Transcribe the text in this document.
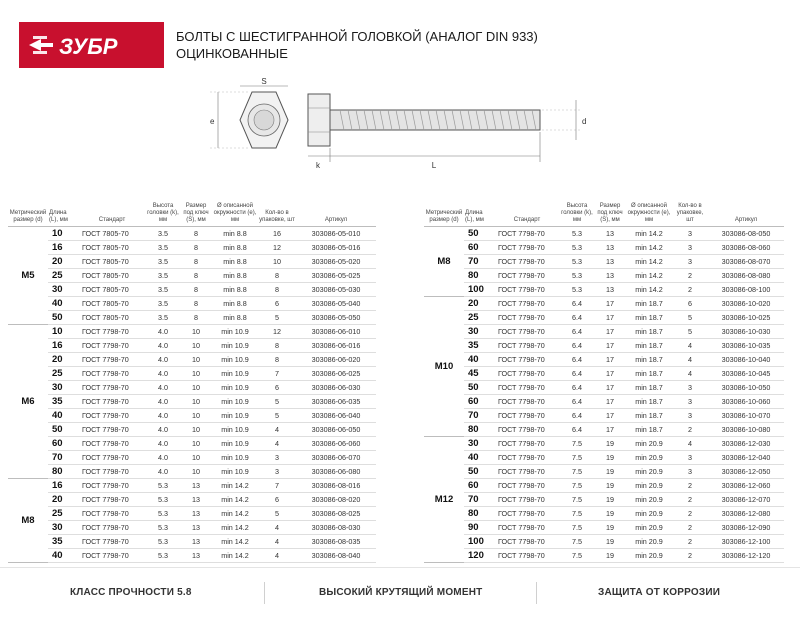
ЗУБР	БОЛТЫ С ШЕСТИГРАННОЙ ГОЛОВКОЙ (АНАЛОГ DIN 933)
ОЦИНКОВАННЫЕ
S
e	d
k	L
Метрический размер (d)	Длина (L), мм	Стандарт	Высота головки (k), мм	Размер под ключ (S), мм	Ø описанной окружности (e), мм	Кол-во в упаковке, шт	Артикул
M5	10	ГОСТ 7805-70	3.5	8	min 8.8	16	303086-05-010
	16	ГОСТ 7805-70	3.5	8	min 8.8	12	303086-05-016
	20	ГОСТ 7805-70	3.5	8	min 8.8	10	303086-05-020
	25	ГОСТ 7805-70	3.5	8	min 8.8	8	303086-05-025
	30	ГОСТ 7805-70	3.5	8	min 8.8	8	303086-05-030
	40	ГОСТ 7805-70	3.5	8	min 8.8	6	303086-05-040
	50	ГОСТ 7805-70	3.5	8	min 8.8	5	303086-05-050
M6	10	ГОСТ 7798-70	4.0	10	min 10.9	12	303086-06-010
	16	ГОСТ 7798-70	4.0	10	min 10.9	8	303086-06-016
	20	ГОСТ 7798-70	4.0	10	min 10.9	8	303086-06-020
	25	ГОСТ 7798-70	4.0	10	min 10.9	7	303086-06-025
	30	ГОСТ 7798-70	4.0	10	min 10.9	6	303086-06-030
	35	ГОСТ 7798-70	4.0	10	min 10.9	5	303086-06-035
	40	ГОСТ 7798-70	4.0	10	min 10.9	5	303086-06-040
	50	ГОСТ 7798-70	4.0	10	min 10.9	4	303086-06-050
	60	ГОСТ 7798-70	4.0	10	min 10.9	4	303086-06-060
	70	ГОСТ 7798-70	4.0	10	min 10.9	3	303086-06-070
	80	ГОСТ 7798-70	4.0	10	min 10.9	3	303086-06-080
M8	16	ГОСТ 7798-70	5.3	13	min 14.2	7	303086-08-016
	20	ГОСТ 7798-70	5.3	13	min 14.2	6	303086-08-020
	25	ГОСТ 7798-70	5.3	13	min 14.2	5	303086-08-025
	30	ГОСТ 7798-70	5.3	13	min 14.2	4	303086-08-030
	35	ГОСТ 7798-70	5.3	13	min 14.2	4	303086-08-035
	40	ГОСТ 7798-70	5.3	13	min 14.2	4	303086-08-040
Метрический размер (d)	Длина (L), мм	Стандарт	Высота головки (k), мм	Размер под ключ (S), мм	Ø описанной окружности (e), мм	Кол-во в упаковке, шт	Артикул
M8	50	ГОСТ 7798-70	5.3	13	min 14.2	3	303086-08-050
	60	ГОСТ 7798-70	5.3	13	min 14.2	3	303086-08-060
	70	ГОСТ 7798-70	5.3	13	min 14.2	3	303086-08-070
	80	ГОСТ 7798-70	5.3	13	min 14.2	2	303086-08-080
	100	ГОСТ 7798-70	5.3	13	min 14.2	2	303086-08-100
M10	20	ГОСТ 7798-70	6.4	17	min 18.7	6	303086-10-020
	25	ГОСТ 7798-70	6.4	17	min 18.7	5	303086-10-025
	30	ГОСТ 7798-70	6.4	17	min 18.7	5	303086-10-030
	35	ГОСТ 7798-70	6.4	17	min 18.7	4	303086-10-035
	40	ГОСТ 7798-70	6.4	17	min 18.7	4	303086-10-040
	45	ГОСТ 7798-70	6.4	17	min 18.7	4	303086-10-045
	50	ГОСТ 7798-70	6.4	17	min 18.7	3	303086-10-050
	60	ГОСТ 7798-70	6.4	17	min 18.7	3	303086-10-060
	70	ГОСТ 7798-70	6.4	17	min 18.7	3	303086-10-070
	80	ГОСТ 7798-70	6.4	17	min 18.7	2	303086-10-080
M12	30	ГОСТ 7798-70	7.5	19	min 20.9	4	303086-12-030
	40	ГОСТ 7798-70	7.5	19	min 20.9	3	303086-12-040
	50	ГОСТ 7798-70	7.5	19	min 20.9	3	303086-12-050
	60	ГОСТ 7798-70	7.5	19	min 20.9	2	303086-12-060
	70	ГОСТ 7798-70	7.5	19	min 20.9	2	303086-12-070
	80	ГОСТ 7798-70	7.5	19	min 20.9	2	303086-12-080
	90	ГОСТ 7798-70	7.5	19	min 20.9	2	303086-12-090
	100	ГОСТ 7798-70	7.5	19	min 20.9	2	303086-12-100
	120	ГОСТ 7798-70	7.5	19	min 20.9	2	303086-12-120
КЛАСС ПРОЧНОСТИ 5.8	ВЫСОКИЙ КРУТЯЩИЙ МОМЕНТ	ЗАЩИТА ОТ КОРРОЗИИ
